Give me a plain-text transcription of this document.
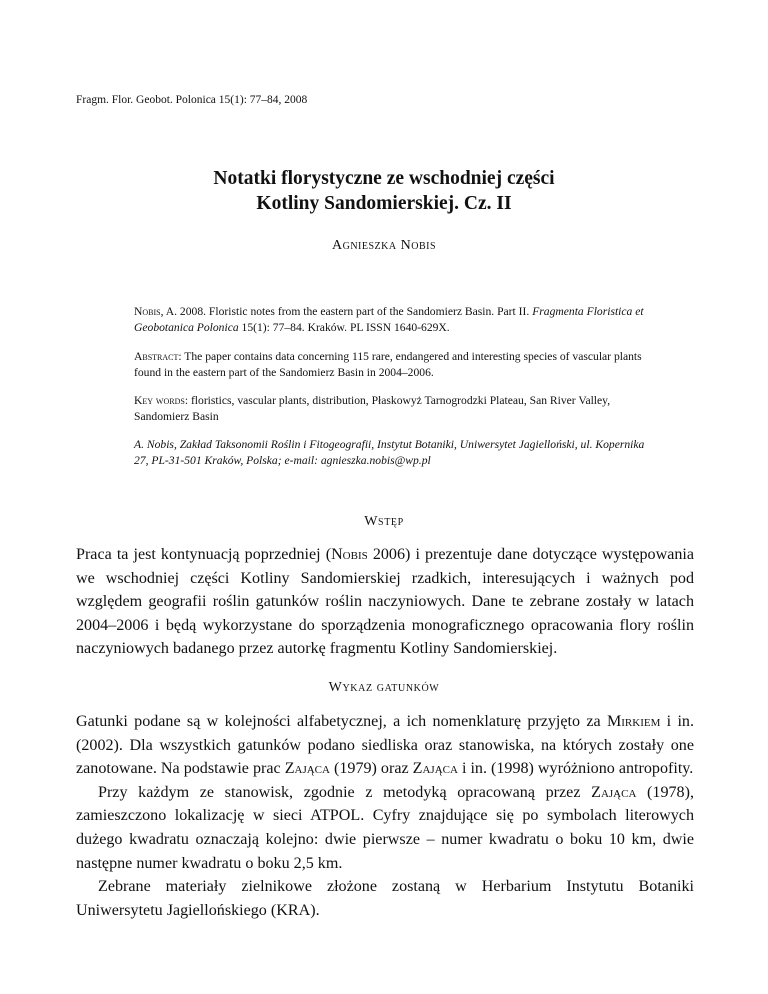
Fragm. Flor. Geobot. Polonica 15(1): 77–84, 2008
Notatki florystyczne ze wschodniej części
Kotliny Sandomierskiej. Cz. II
Agnieszka Nobis

Nobis, A. 2008. Floristic notes from the eastern part of the Sandomierz Basin. Part II. Fragmenta Floristica et Geobotanica Polonica 15(1): 77–84. Kraków. PL ISSN 1640-629X.

Abstract: The paper contains data concerning 115 rare, endangered and interesting species of vascular plants found in the eastern part of the Sandomierz Basin in 2004–2006.

Key words: floristics, vascular plants, distribution, Płaskowyż Tarnogrodzki Plateau, San River Valley, Sandomierz Basin

A. Nobis, Zakład Taksonomii Roślin i Fitogeografii, Instytut Botaniki, Uniwersytet Jagielloński, ul. Kopernika 27, PL-31-501 Kraków, Polska; e-mail: agnieszka.nobis@wp.pl

Wstęp

Praca ta jest kontynuacją poprzedniej (Nobis 2006) i prezentuje dane dotyczące występowania we wschodniej części Kotliny Sandomierskiej rzadkich, interesujących i ważnych pod względem geografii roślin gatunków roślin naczyniowych. Dane te zebrane zostały w latach 2004–2006 i będą wykorzystane do sporządzenia monograficznego opracowania flory roślin naczyniowych badanego przez autorkę fragmentu Kotliny Sandomierskiej.

Wykaz gatunków

Gatunki podane są w kolejności alfabetycznej, a ich nomenklaturę przyjęto za Mirkiem i in. (2002). Dla wszystkich gatunków podano siedliska oraz stanowiska, na których zostały one zanotowane. Na podstawie prac Zająca (1979) oraz Zająca i in. (1998) wyróżniono antropofity.

Przy każdym ze stanowisk, zgodnie z metodyką opracowaną przez Zająca (1978), zamieszczono lokalizację w sieci ATPOL. Cyfry znajdujące się po symbolach literowych dużego kwadratu oznaczają kolejno: dwie pierwsze – numer kwadratu o boku 10 km, dwie następne numer kwadratu o boku 2,5 km.

Zebrane materiały zielnikowe złożone zostaną w Herbarium Instytutu Botaniki Uniwersytetu Jagiellońskiego (KRA).
